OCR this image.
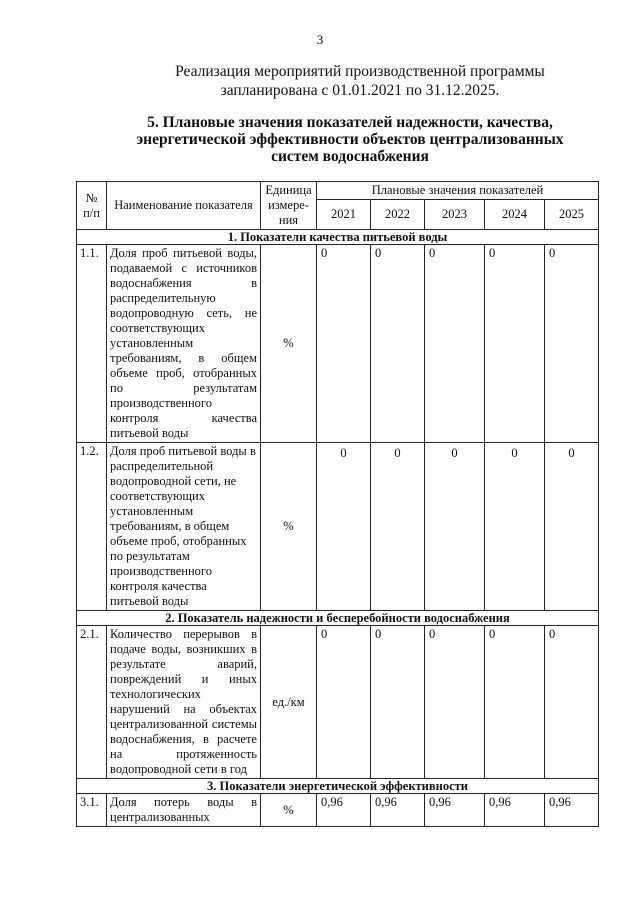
3
Реализация мероприятий производственной программы
запланирована с 01.01.2021 по 31.12.2025.
5. Плановые значения показателей надежности, качества,
энергетической эффективности объектов централизованных
систем водоснабжения
№ п/п	Наименование показателя	Единица измере-ния	Плановые значения показателей				
			2021	2022	2023	2024	2025
1. Показатели качества питьевой воды							
1.1.	Доля проб питьевой воды, подаваемой с источников водоснабжения в распределительную водопроводную сеть, не соответствующих установленным требованиям, в общем объеме проб, отобранных по результатам производственного контроля качества питьевой воды	%	0	0	0	0	0
1.2.	Доля проб питьевой воды в распределительной водопроводной сети, не соответствующих установленным требованиям, в общем объеме проб, отобранных по результатам производственного контроля качества питьевой воды	%	0	0	0	0	0
2. Показатель надежности и бесперебойности водоснабжения							
2.1.	Количество перерывов в подаче воды, возникших в результате аварий, повреждений и иных технологических нарушений на объектах централизованной системы водоснабжения, в расчете на протяженность водопроводной сети в год	ед./км	0	0	0	0	0
3. Показатели энергетической эффективности							
3.1.	Доля потерь воды в централизованных	%	0,96	0,96	0,96	0,96	0,96
